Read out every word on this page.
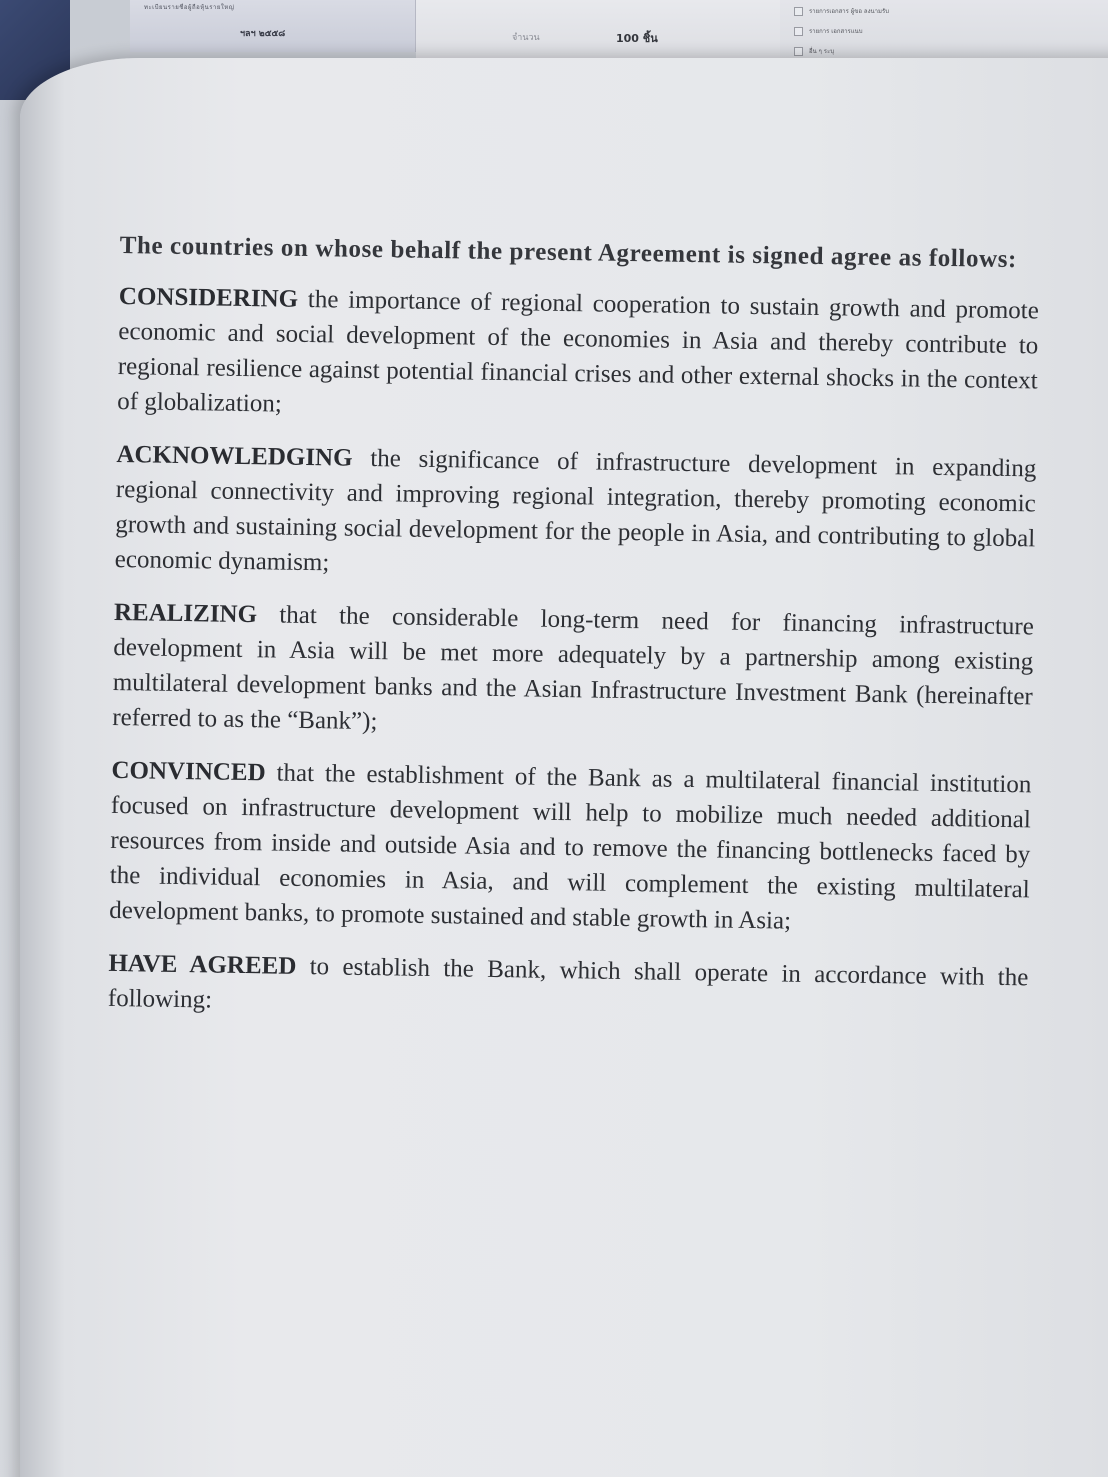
ทะเบียนรายชื่อผู้ถือหุ้นรายใหญ่
ฯลฯ ๒๕๕๘	จำนวน	100 ชิ้น
รายการเอกสาร ผู้ขอ ลงนามรับ
รายการ เอกสารแนบ
อื่น ๆ ระบุ

The countries on whose behalf the present Agreement is signed agree as follows:

CONSIDERING the importance of regional cooperation to sustain growth and promote economic and social development of the economies in Asia and thereby contribute to regional resilience against potential financial crises and other external shocks in the context of globalization;

ACKNOWLEDGING the significance of infrastructure development in expanding regional connectivity and improving regional integration, thereby promoting economic growth and sustaining social development for the people in Asia, and contributing to global economic dynamism;

REALIZING that the considerable long-term need for financing infrastructure development in Asia will be met more adequately by a partnership among existing multilateral development banks and the Asian Infrastructure Investment Bank (hereinafter referred to as the “Bank”);

CONVINCED that the establishment of the Bank as a multilateral financial institution focused on infrastructure development will help to mobilize much needed additional resources from inside and outside Asia and to remove the financing bottlenecks faced by the individual economies in Asia, and will complement the existing multilateral development banks, to promote sustained and stable growth in Asia;

HAVE AGREED to establish the Bank, which shall operate in accordance with the following:
